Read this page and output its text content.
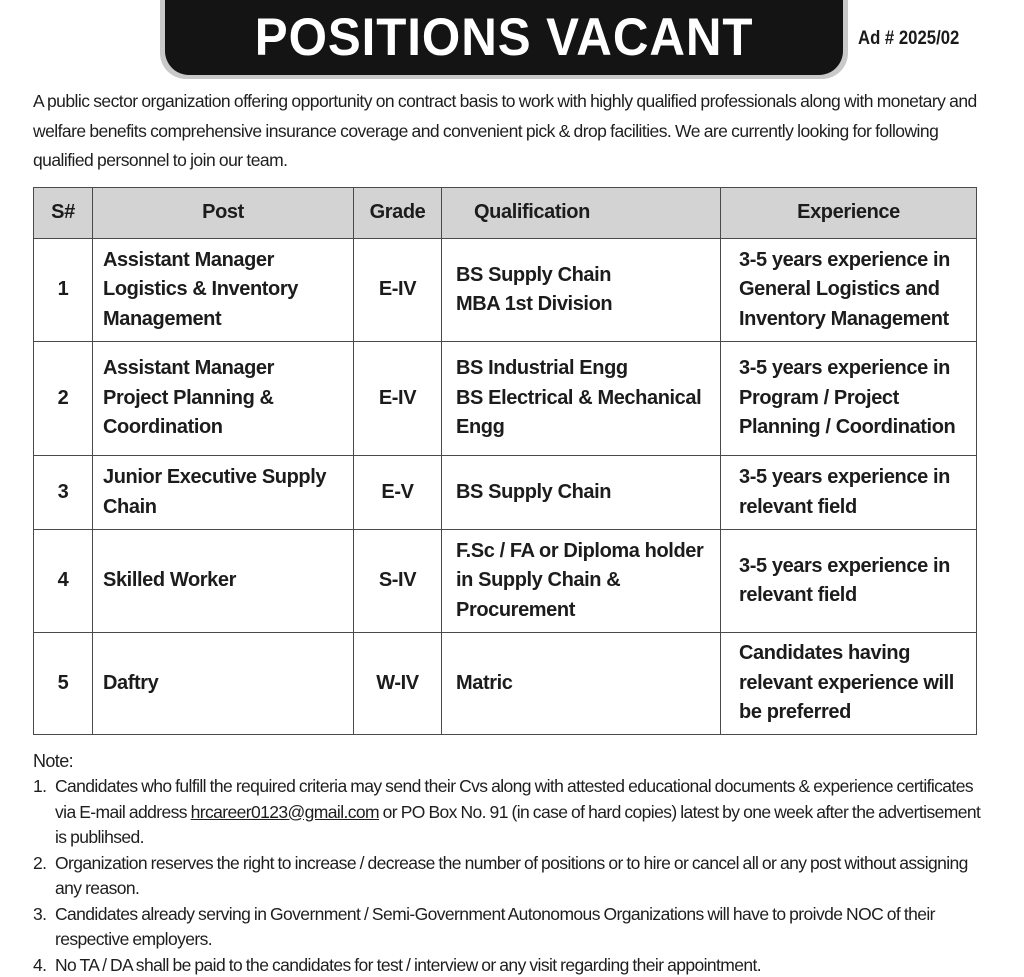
POSITIONS VACANT	Ad # 2025/02

A public sector organization offering opportunity on contract basis to work with highly qualified professionals along with monetary and welfare benefits comprehensive insurance coverage and convenient pick & drop facilities. We are currently looking for following qualified personnel to join our team.

S#	Post	Grade	Qualification	Experience
1	Assistant Manager
Logistics & Inventory
Management	E-IV	BS Supply Chain
MBA 1st Division	3-5 years experience in
General Logistics and
Inventory Management

2	Assistant Manager
Project Planning &
Coordination	E-IV	BS Industrial Engg
BS Electrical & Mechanical
Engg	3-5 years experience in
Program / Project
Planning / Coordination

3	Junior Executive Supply
Chain	E-V	BS Supply Chain	3-5 years experience in
relevant field

4	Skilled Worker	S-IV	F.Sc / FA or Diploma holder
in Supply Chain &
Procurement	3-5 years experience in
relevant field

5	Daftry	W-IV	Matric	Candidates having
relevant experience will
be preferred
Note:
1. Candidates who fulfill the required criteria may send their Cvs along with attested educational documents & experience certificates via E-mail address hrcareer0123@gmail.com or PO Box No. 91 (in case of hard copies) latest by one week after the advertisement is publihsed.
2. Organization reserves the right to increase / decrease the number of positions or to hire or cancel all or any post without assigning any reason.
3. Candidates already serving in Government / Semi-Government Autonomous Organizations will have to proivde NOC of their respective employers.
4. No TA / DA shall be paid to the candidates for test / interview or any visit regarding their appointment.
